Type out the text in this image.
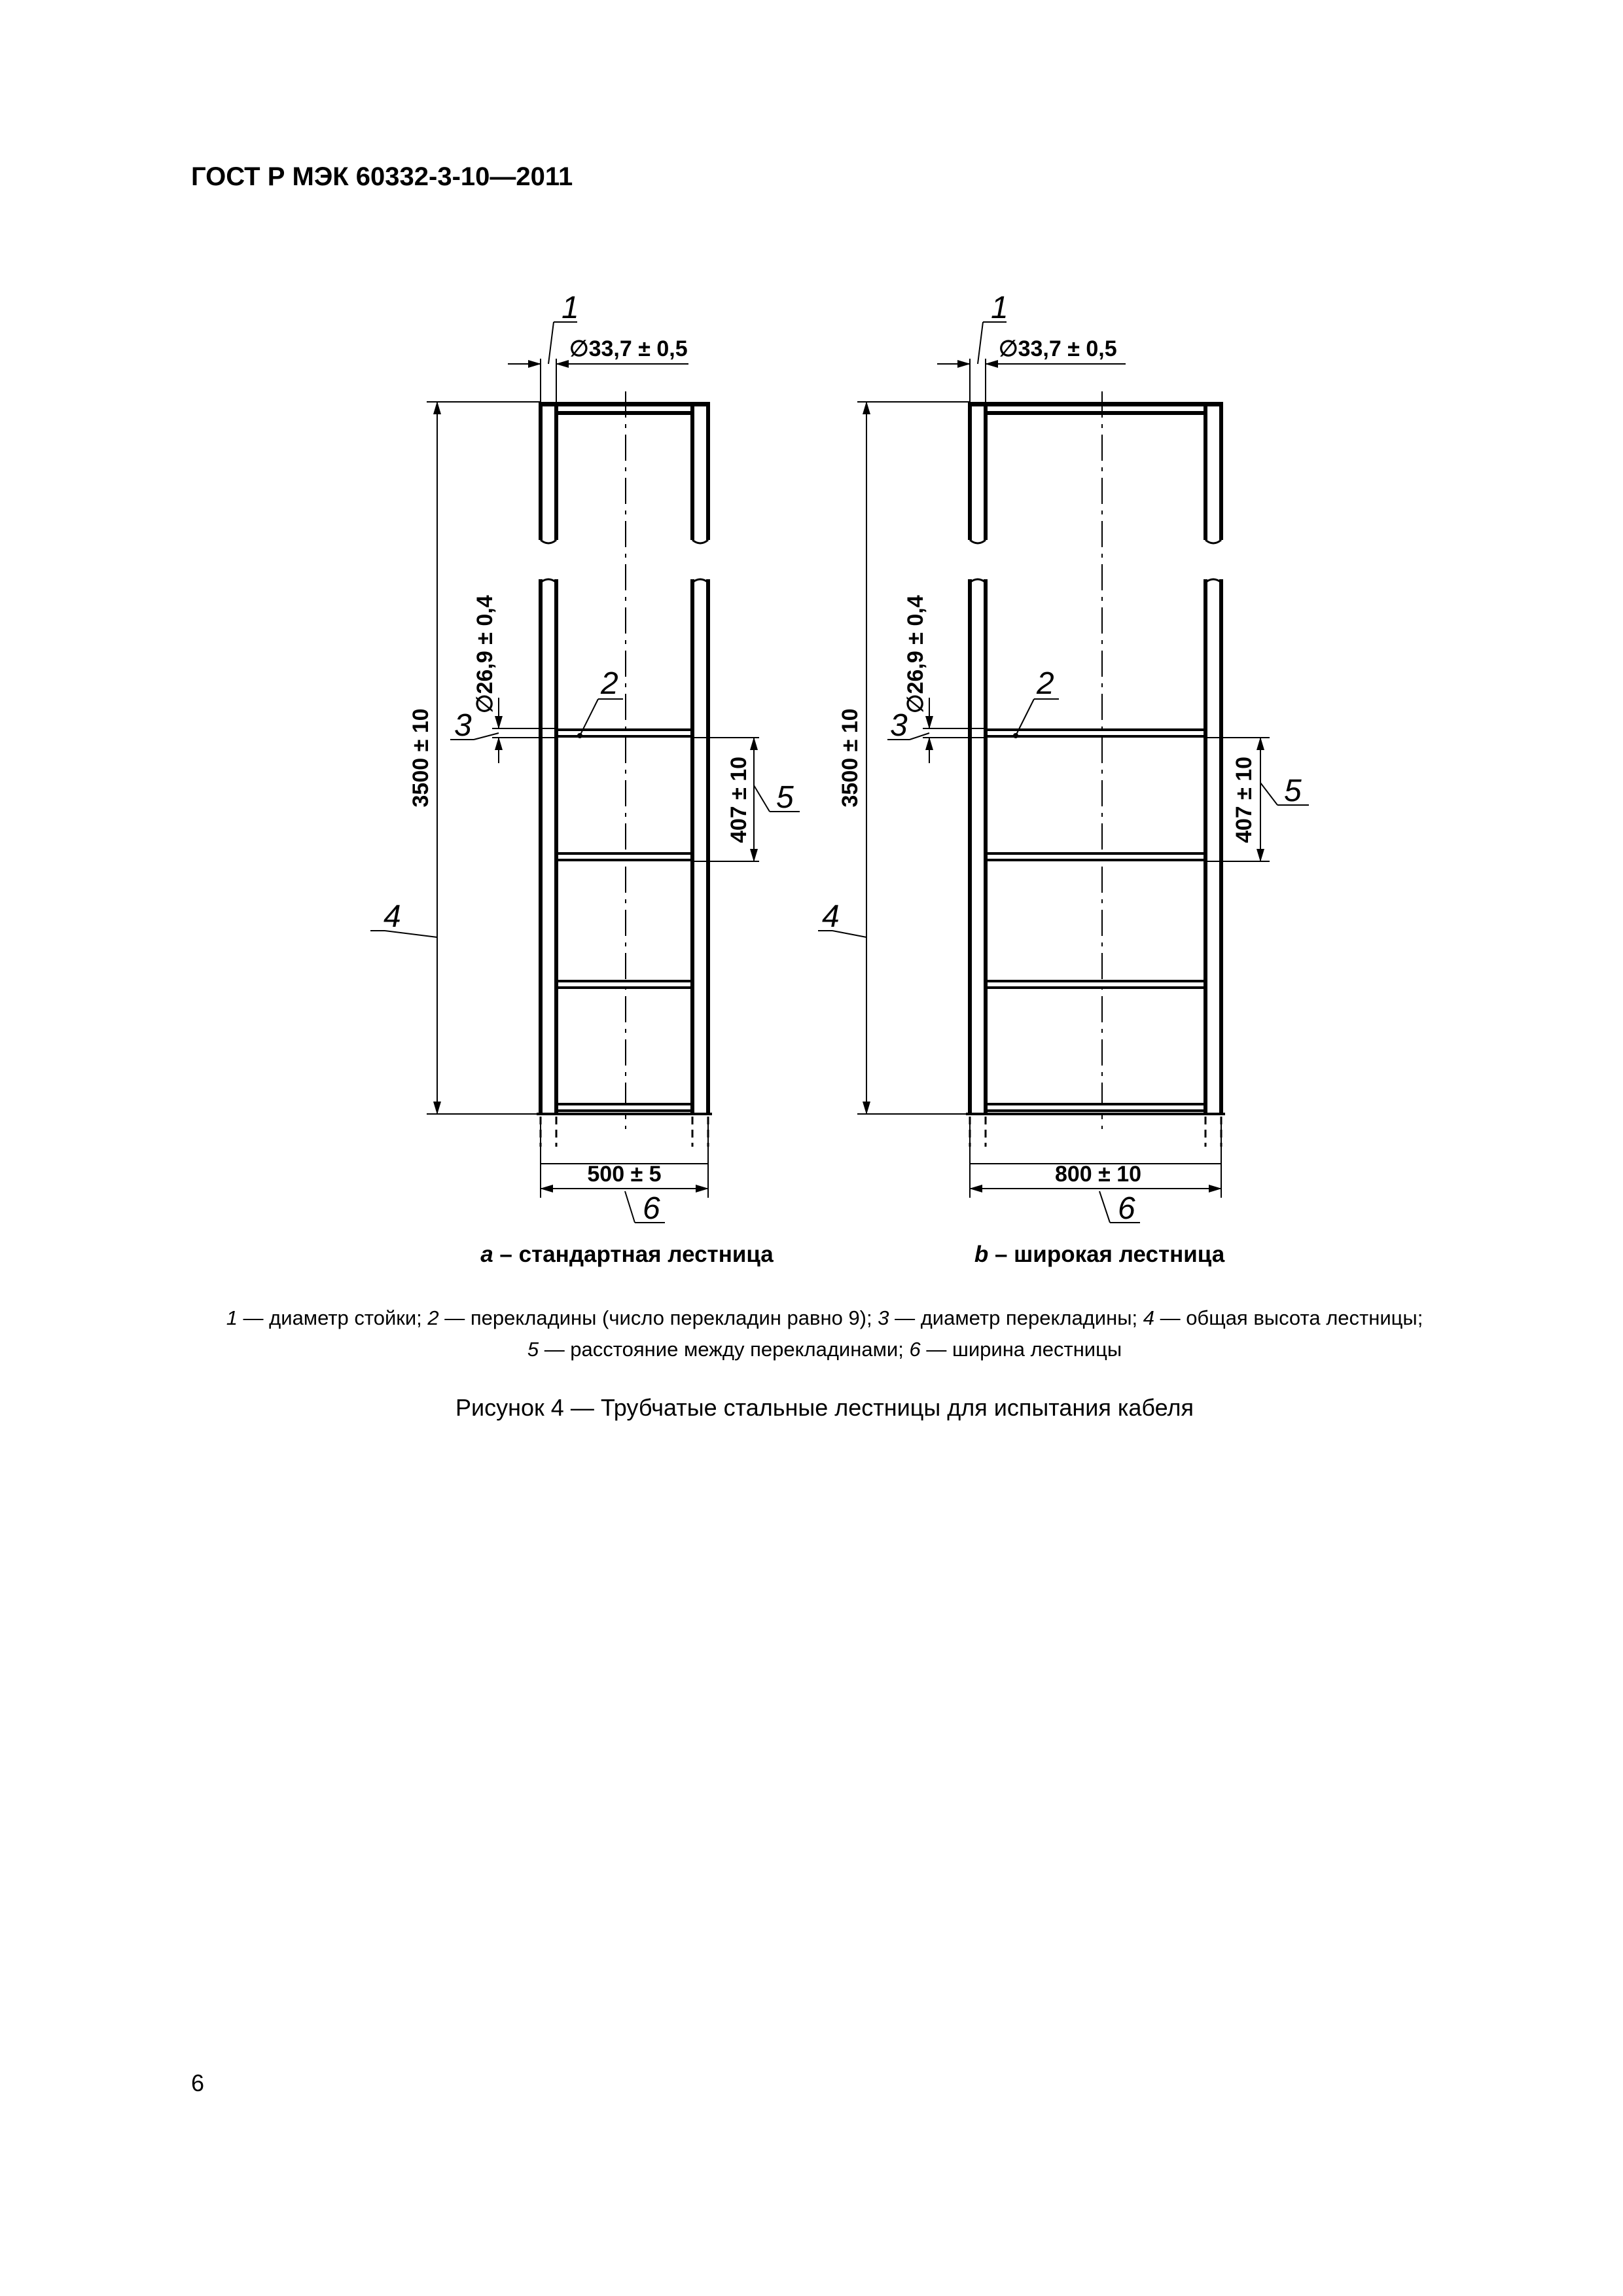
ГОСТ Р МЭК 60332-3-10—2011
500 ± 5
6
a – стандартная лестница
∅33,7 ± 0,5
1
3500 ± 10
4
∅26,9 ± 0,4
3
2
407 ± 10 5
800 ± 10
6
b – широкая лестница
∅33,7 ± 0,5
1
3500 ± 10
4
∅26,9 ± 0,4
3
2
407 ± 10 5
1 — диаметр стойки; 2 — перекладины (число перекладин равно 9); 3 — диаметр перекладины; 4 — общая высота лестницы;
5 — расстояние между перекладинами; 6 — ширина лестницы
Рисунок 4 — Трубчатые стальные лестницы для испытания кабеля
6
